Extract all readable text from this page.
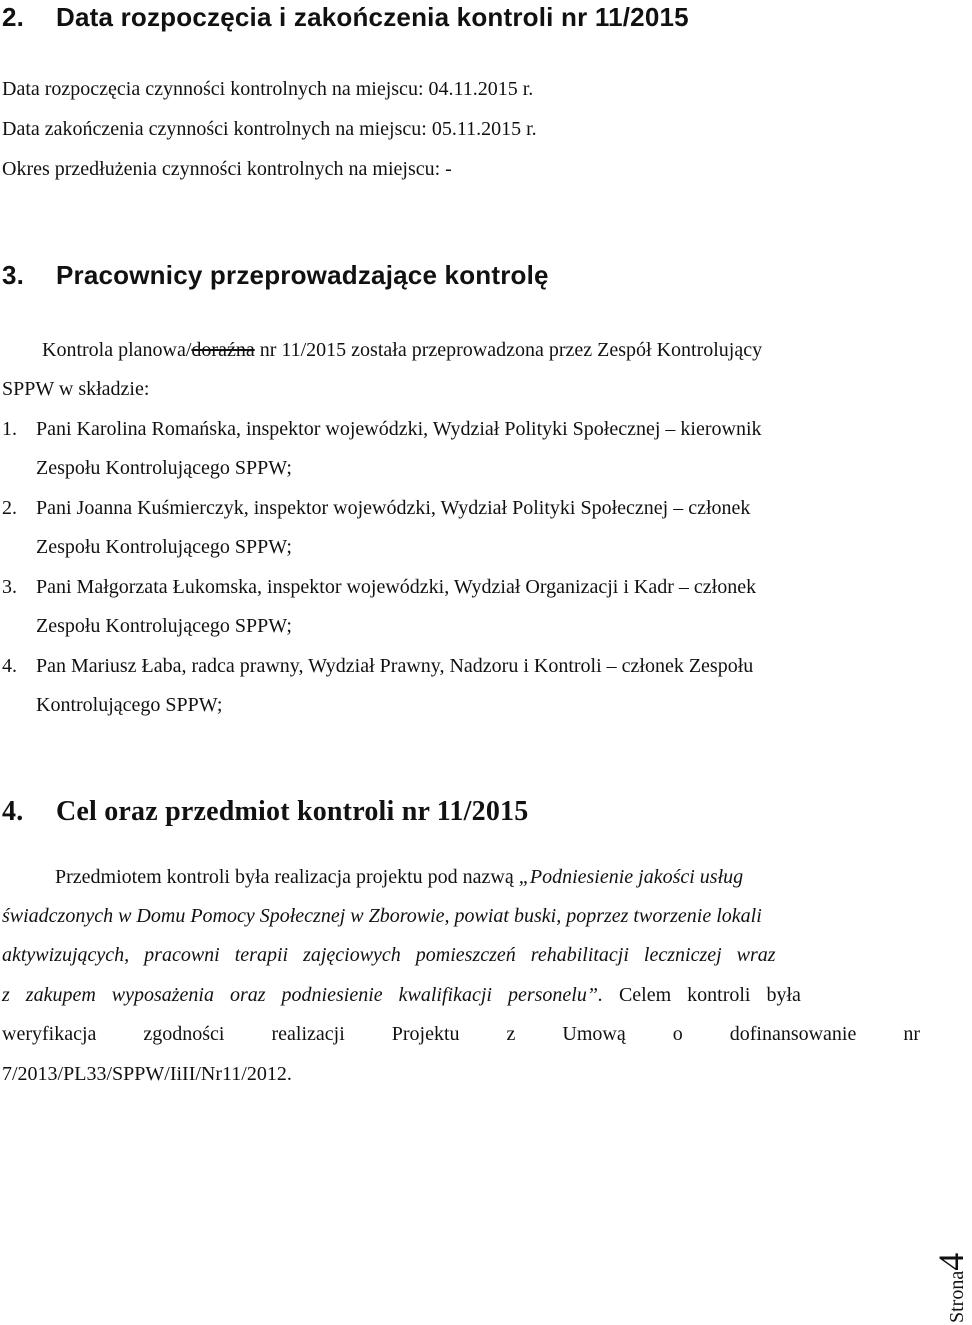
2. Data rozpoczęcia i zakończenia kontroli nr 11/2015
Data rozpoczęcia czynności kontrolnych na miejscu: 04.11.2015 r.
Data zakończenia czynności kontrolnych na miejscu: 05.11.2015 r.
Okres przedłużenia czynności kontrolnych na miejscu: -
3. Pracownicy przeprowadzające kontrolę
Kontrola planowa/doraźna nr 11/2015 została przeprowadzona przez Zespół Kontrolujący
SPPW w składzie:
1. Pani Karolina Romańska, inspektor wojewódzki, Wydział Polityki Społecznej – kierownik
Zespołu Kontrolującego SPPW;
2. Pani Joanna Kuśmierczyk, inspektor wojewódzki, Wydział Polityki Społecznej – członek
Zespołu Kontrolującego SPPW;
3. Pani Małgorzata Łukomska, inspektor wojewódzki, Wydział Organizacji i Kadr – członek
Zespołu Kontrolującego SPPW;
4. Pan Mariusz Łaba, radca prawny, Wydział Prawny, Nadzoru i Kontroli – członek Zespołu
Kontrolującego SPPW;
4. Cel oraz przedmiot kontroli nr 11/2015
Przedmiotem kontroli była realizacja projektu pod nazwą „Podniesienie jakości usług
świadczonych w Domu Pomocy Społecznej w Zborowie, powiat buski, poprzez tworzenie lokali
aktywizujących, pracowni terapii zajęciowych pomieszczeń rehabilitacji leczniczej wraz
z zakupem wyposażenia oraz podniesienie kwalifikacji personelu”. Celem kontroli była
weryfikacja zgodności realizacji Projektu z Umową o dofinansowanie nr
7/2013/PL33/SPPW/IiII/Nr11/2012.
Strona4
